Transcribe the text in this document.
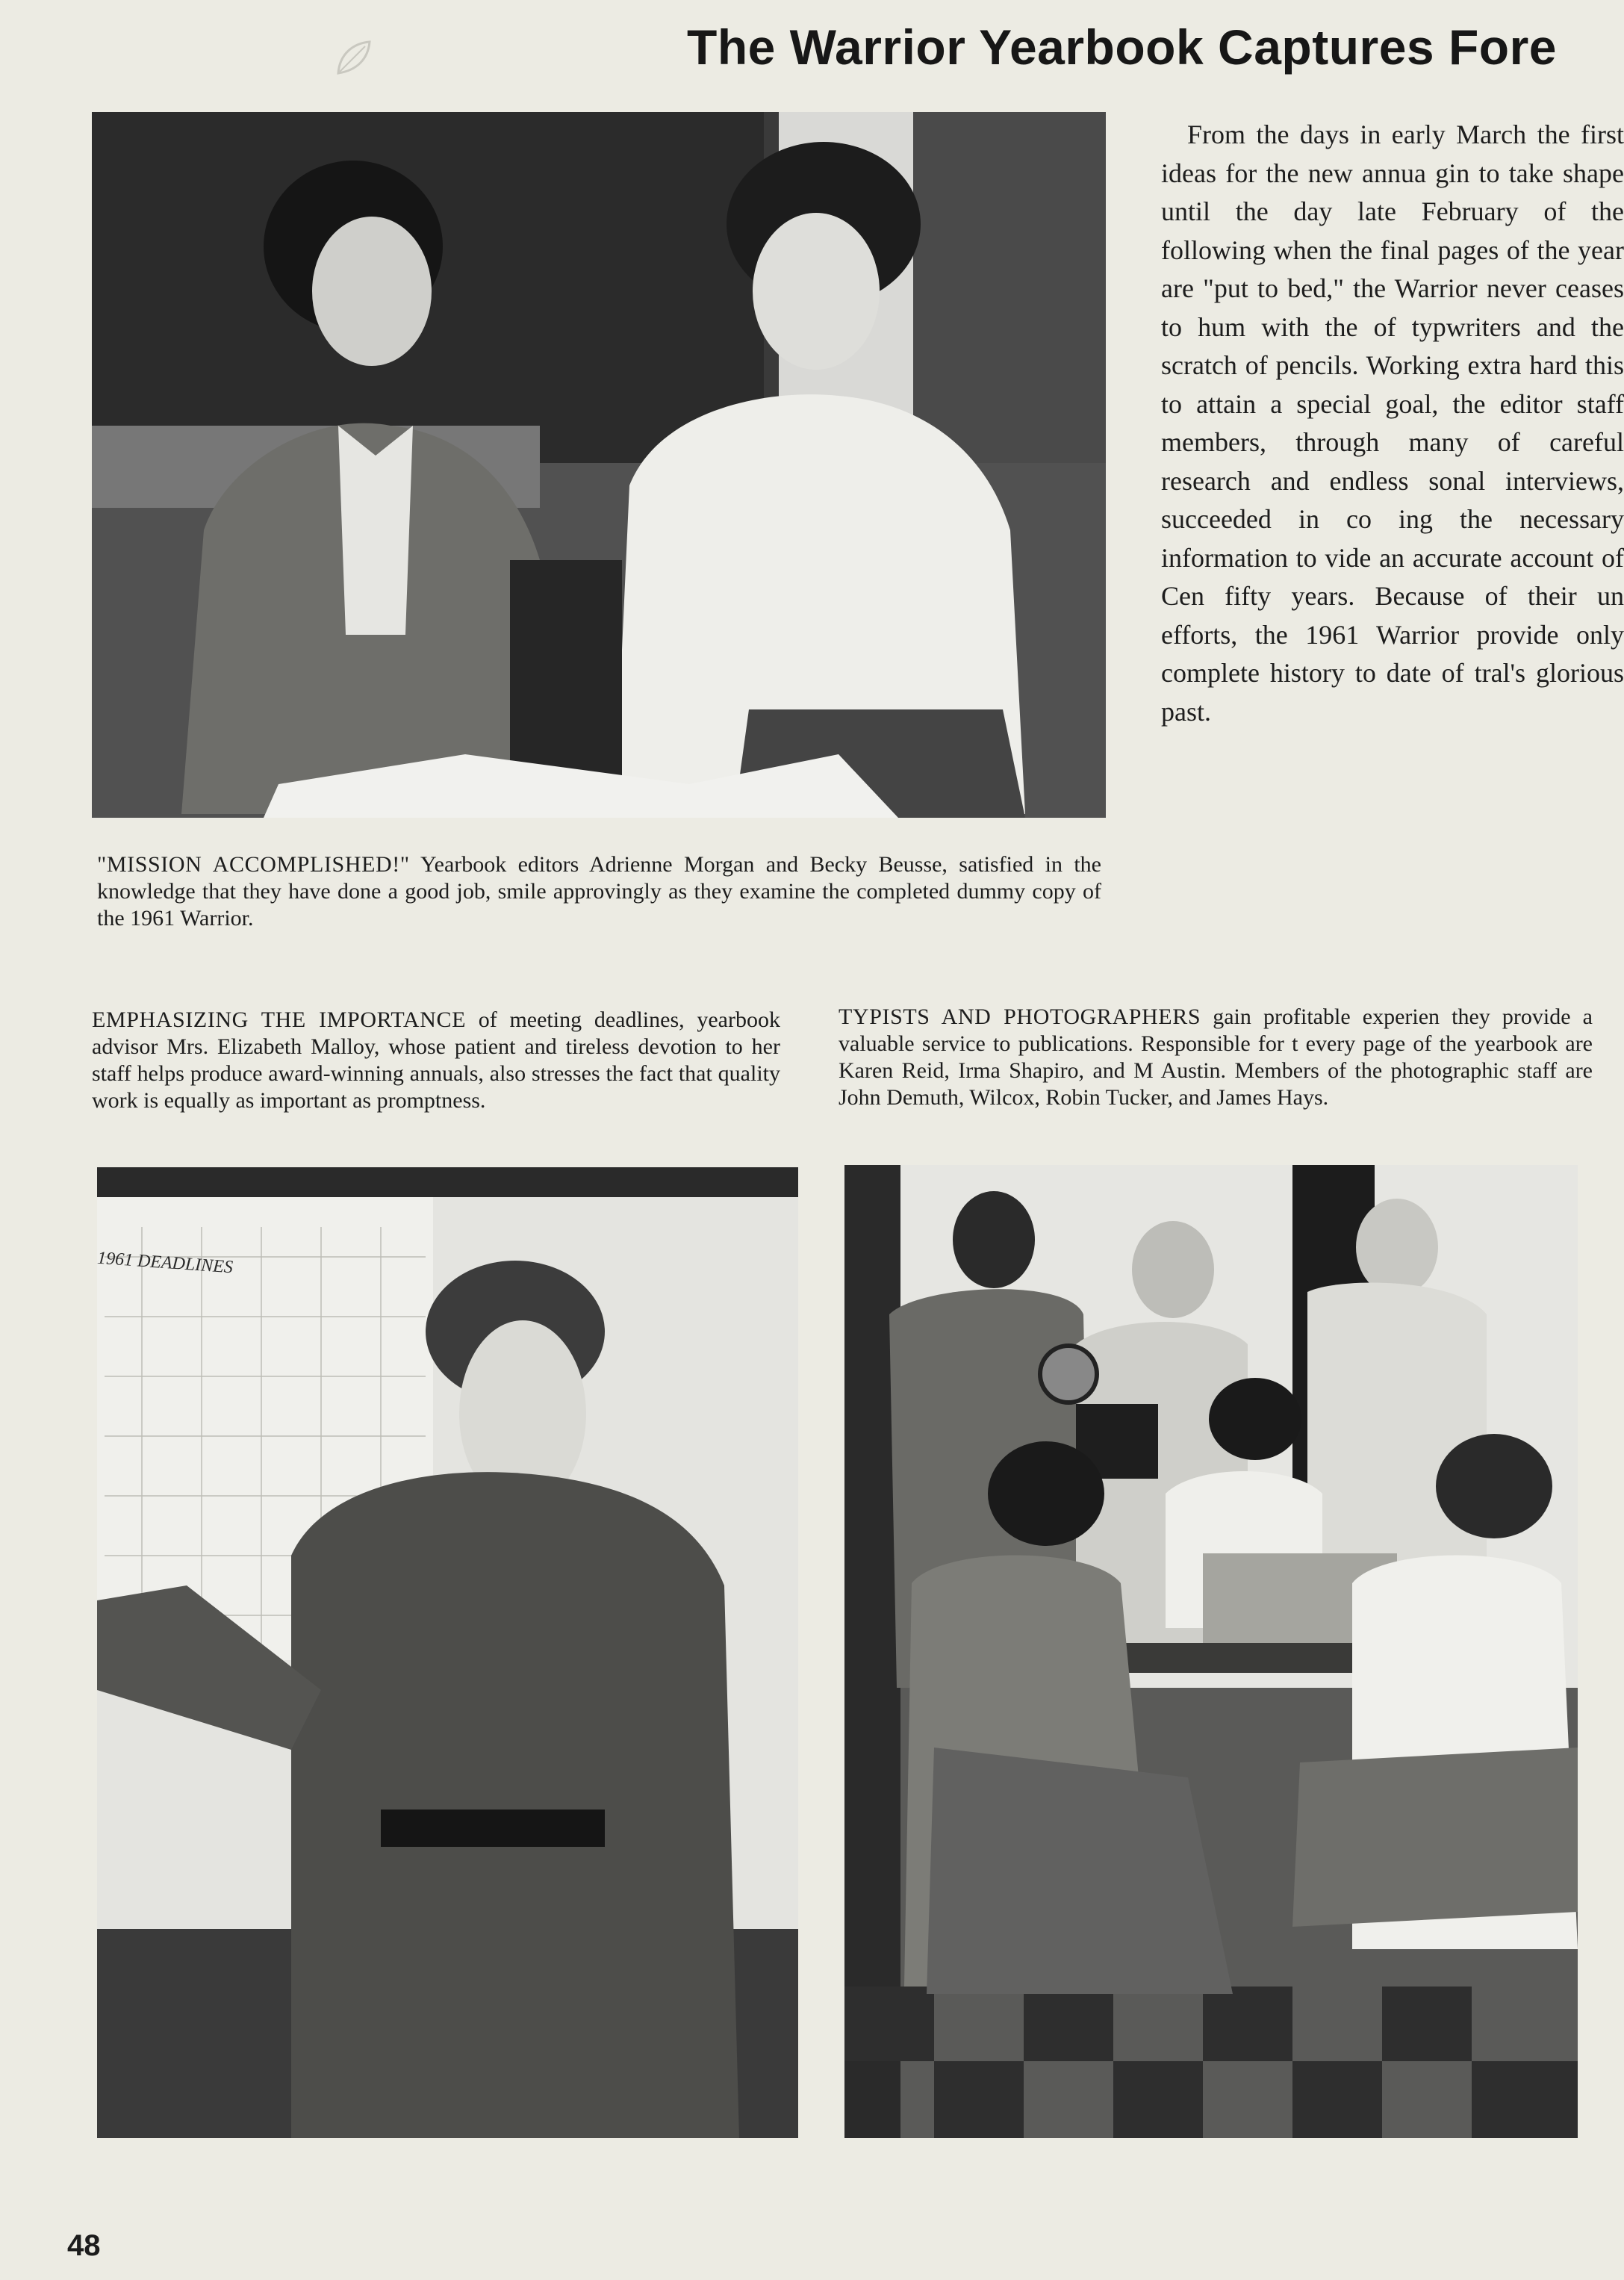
The Warrior Yearbook Captures Fore
From the days in early March the first ideas for the new annua gin to take shape until the day late February of the following when the final pages of the year are "put to bed," the Warrior never ceases to hum with the of typwriters and the scratch of pencils. Working extra hard this to attain a special goal, the editor staff members, through many of careful research and endless sonal interviews, succeeded in co ing the necessary information to vide an accurate account of Cen fifty years. Because of their un efforts, the 1961 Warrior provide only complete history to date of tral's glorious past.
"MISSION ACCOMPLISHED!" Yearbook editors Adrienne Morgan and Becky Beusse, satisfied in the knowledge that they have done a good job, smile approvingly as they examine the completed dummy copy of the 1961 Warrior.
EMPHASIZING THE IMPORTANCE of meeting deadlines, yearbook advisor Mrs. Elizabeth Malloy, whose patient and tireless devotion to her staff helps produce award-winning annuals, also stresses the fact that quality work is equally as important as promptness.
TYPISTS AND PHOTOGRAPHERS gain profitable experien they provide a valuable service to publications. Responsible for t every page of the yearbook are Karen Reid, Irma Shapiro, and M Austin. Members of the photographic staff are John Demuth, Wilcox, Robin Tucker, and James Hays.
1961 DEADLINES
48
